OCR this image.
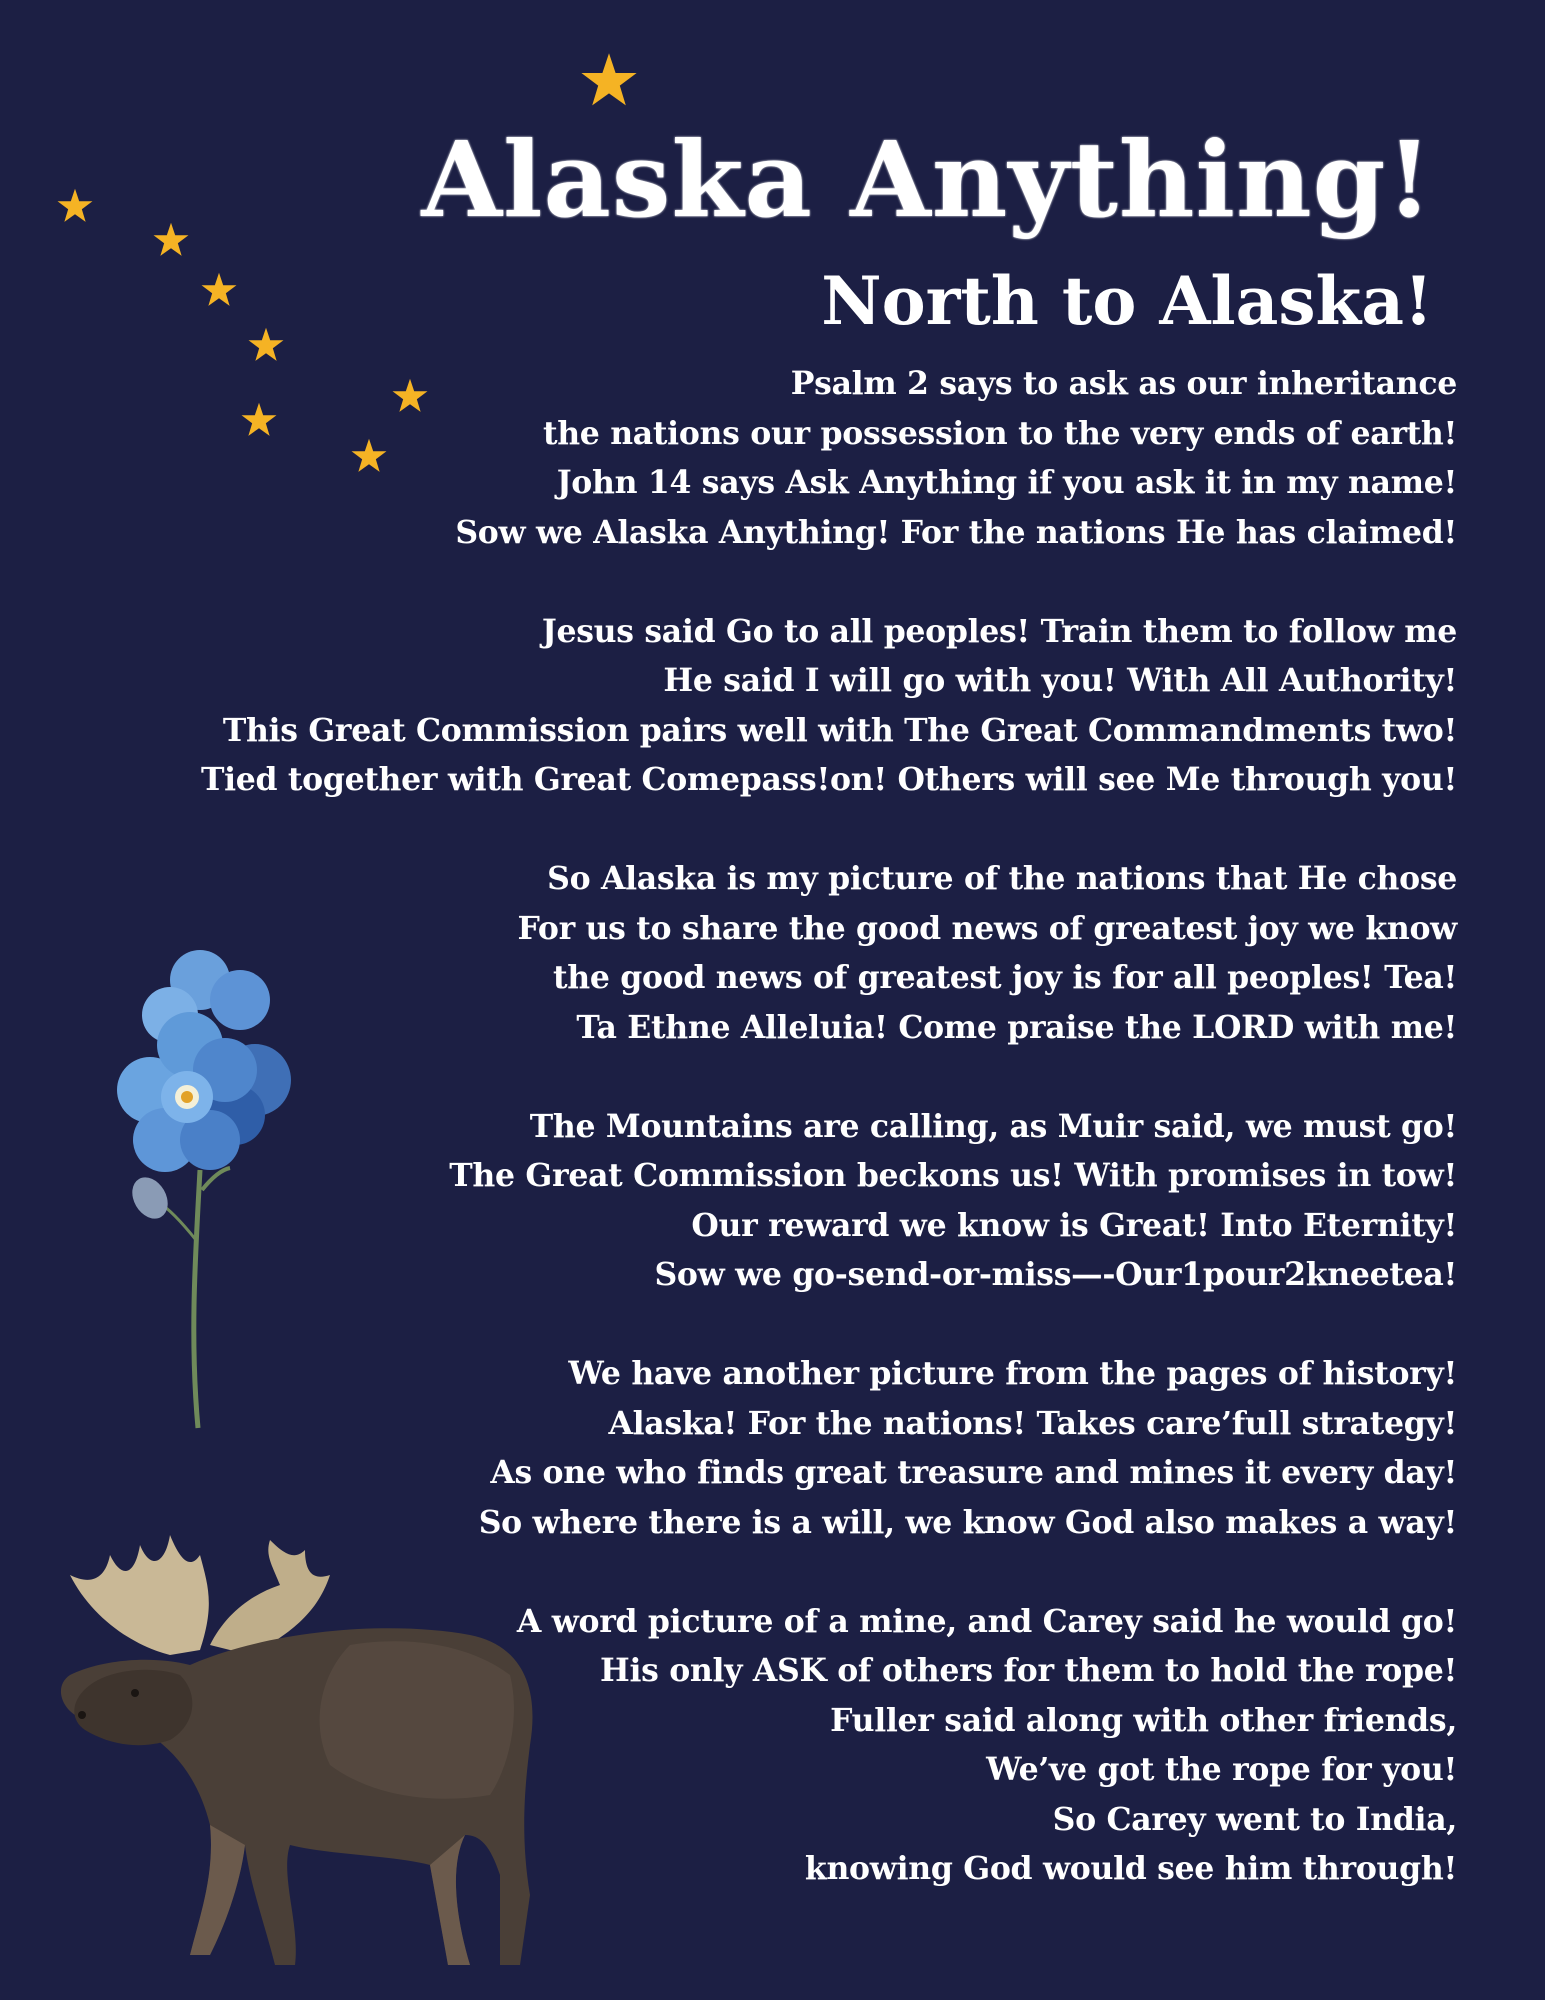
Alaska Anything!
North to Alaska!
Psalm 2 says to ask as our inheritance
the nations our possession to the very ends of earth!
John 14 says Ask Anything if you ask it in my name!
Sow we Alaska Anything! For the nations He has claimed!
Jesus said Go to all peoples! Train them to follow me
He said I will go with you! With All Authority!
This Great Commission pairs well with The Great Commandments two!
Tied together with Great Comepass!on! Others will see Me through you!
So Alaska is my picture of the nations that He chose
For us to share the good news of greatest joy we know
the good news of greatest joy is for all peoples! Tea!
Ta Ethne Alleluia! Come praise the LORD with me!
The Mountains are calling, as Muir said, we must go!
The Great Commission beckons us! With promises in tow!
Our reward we know is Great! Into Eternity!
Sow we go-send-or-miss—-Our1pour2kneetea!
We have another picture from the pages of history!
Alaska! For the nations! Takes care’full strategy!
As one who finds great treasure and mines it every day!
So where there is a will, we know God also makes a way!
A word picture of a mine, and Carey said he would go!
His only ASK of others for them to hold the rope!
Fuller said along with other friends,
We’ve got the rope for you!
So Carey went to India,
knowing God would see him through!
